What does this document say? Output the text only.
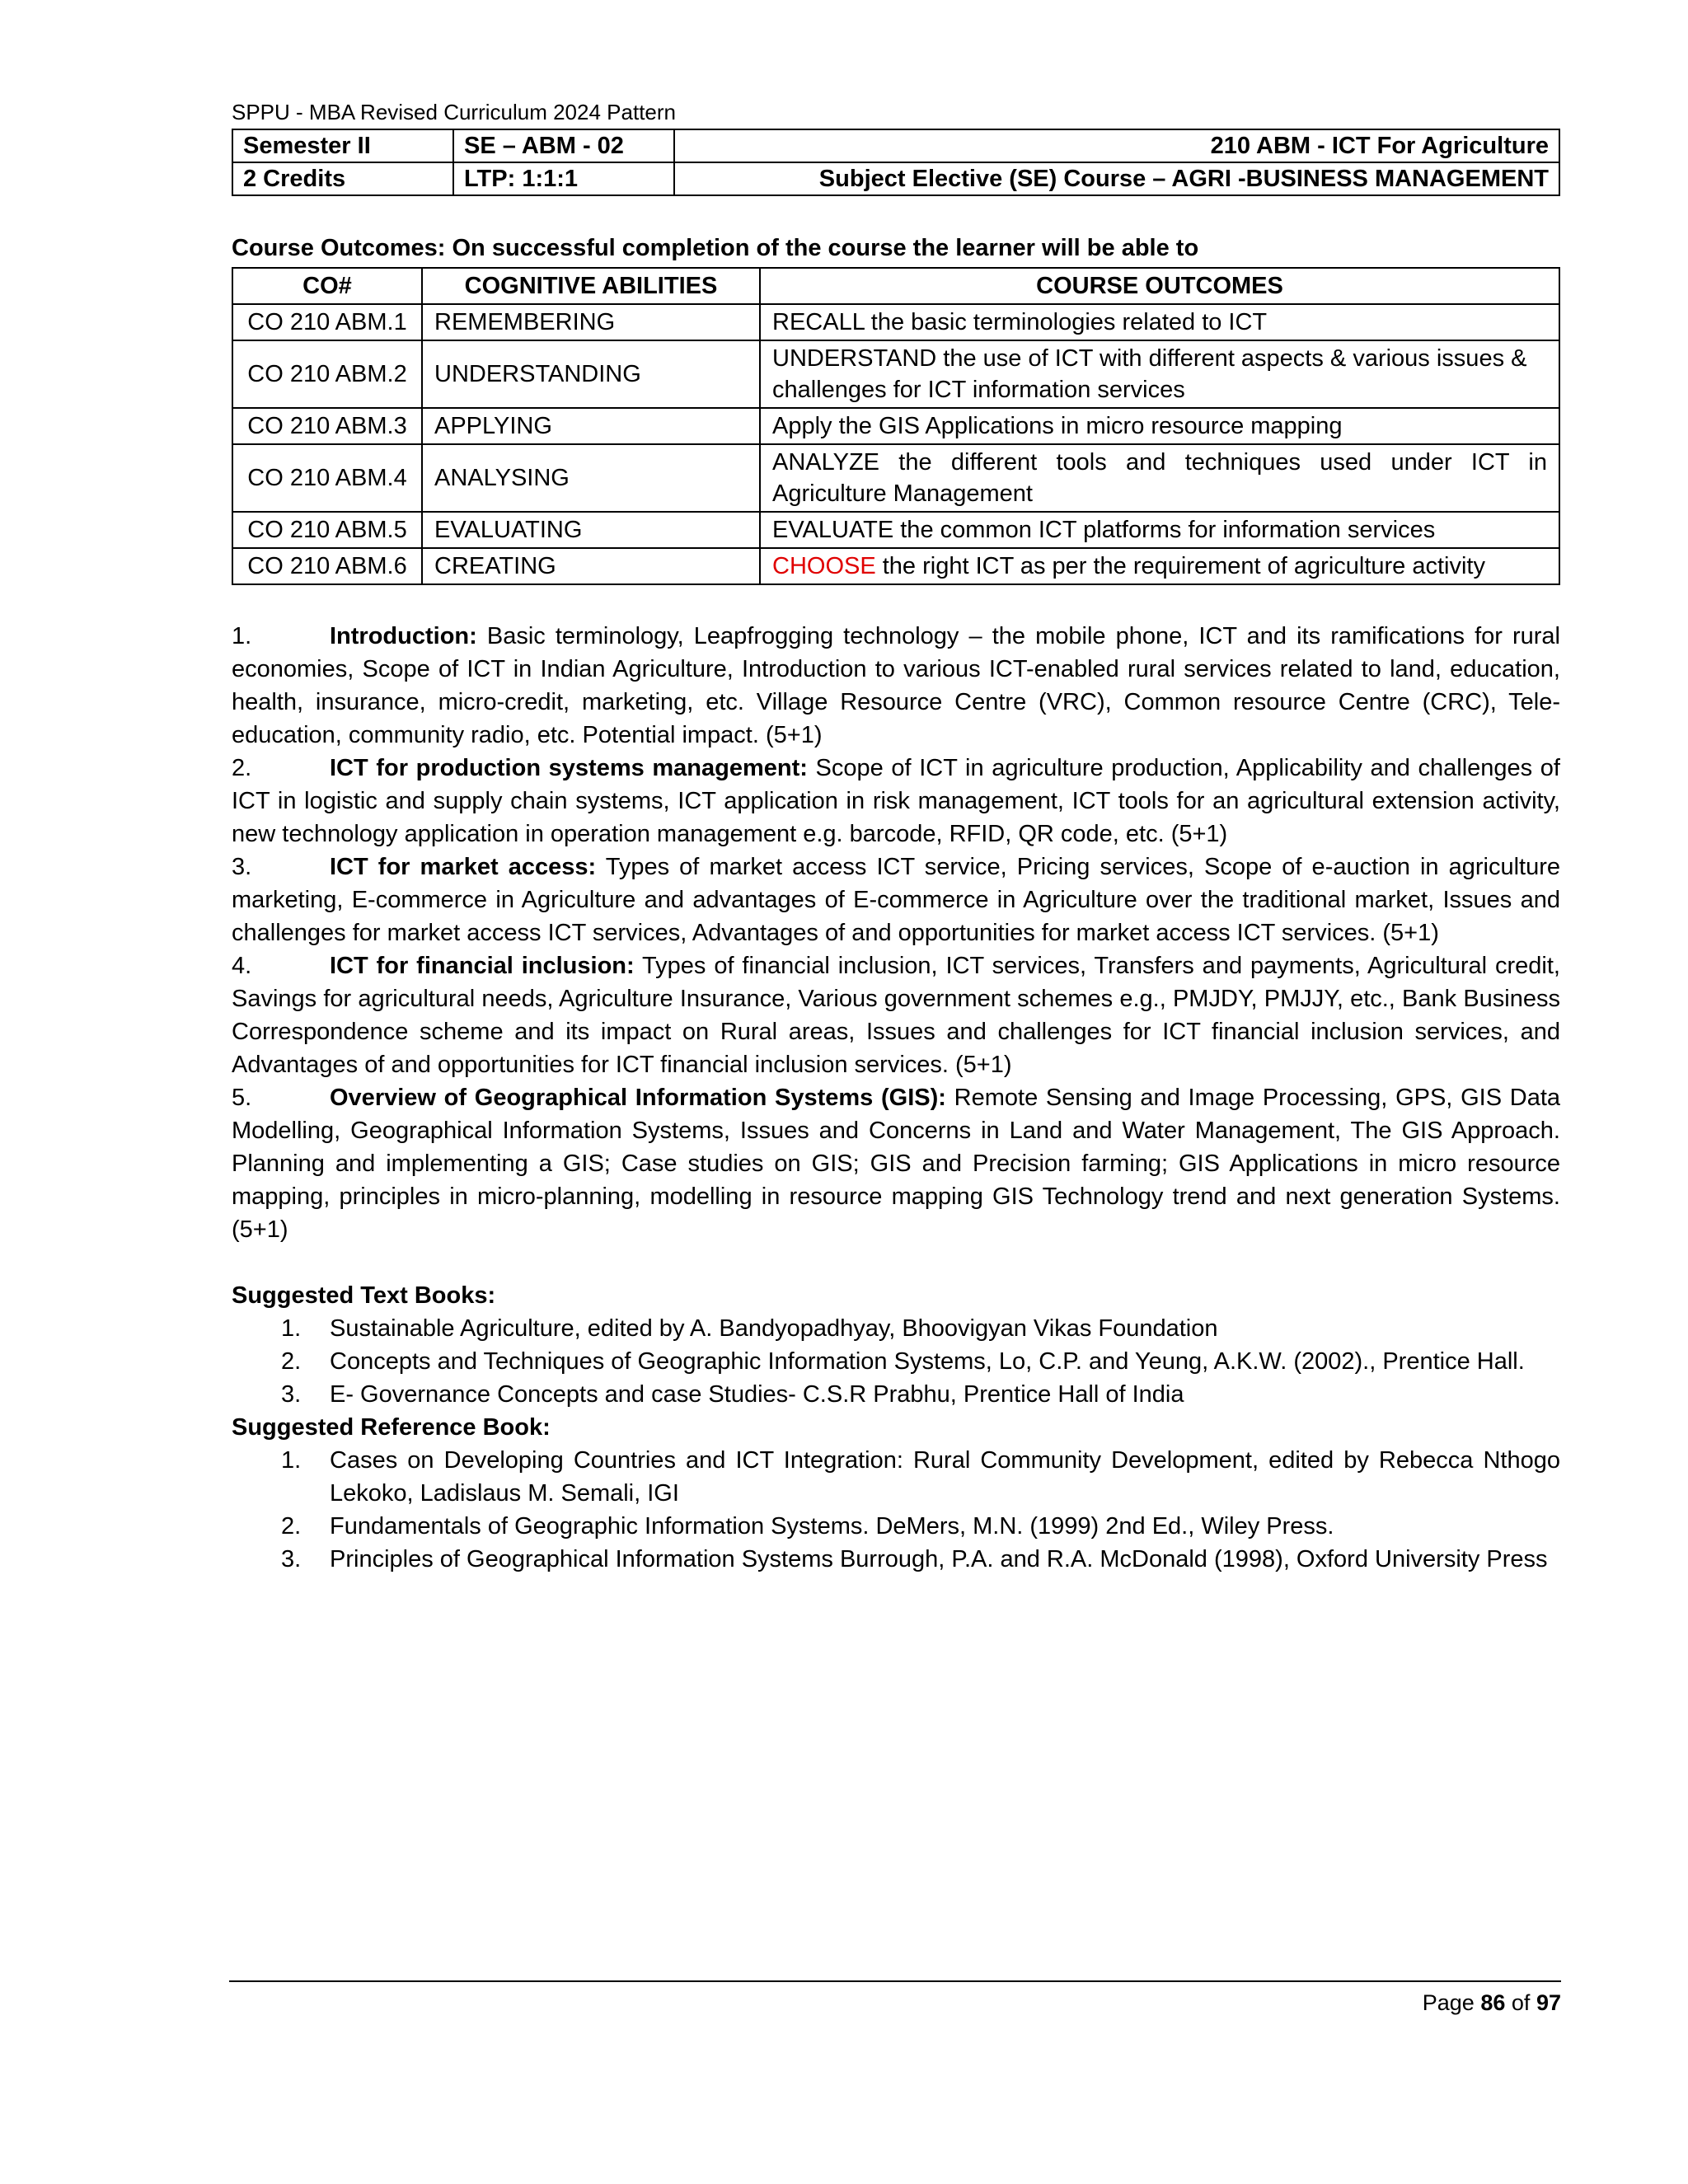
SPPU - MBA Revised Curriculum 2024 Pattern
Semester II	SE – ABM - 02	210 ABM - ICT For Agriculture
2 Credits	LTP: 1:1:1	Subject Elective (SE) Course – AGRI -BUSINESS MANAGEMENT
Course Outcomes: On successful completion of the course the learner will be able to
CO#	COGNITIVE ABILITIES	COURSE OUTCOMES
CO 210 ABM.1	REMEMBERING	RECALL the basic terminologies related to ICT
CO 210 ABM.2	UNDERSTANDING	UNDERSTAND the use of ICT with different aspects & various issues & challenges for ICT information services
CO 210 ABM.3	APPLYING	Apply the GIS Applications in micro resource mapping
CO 210 ABM.4	ANALYSING	ANALYZE the different tools and techniques used under ICT in Agriculture Management
CO 210 ABM.5	EVALUATING	EVALUATE the common ICT platforms for information services
CO 210 ABM.6	CREATING	CHOOSE the right ICT as per the requirement of agriculture activity

1.	Introduction: Basic terminology, Leapfrogging technology – the mobile phone, ICT and its ramifications for rural economies, Scope of ICT in Indian Agriculture, Introduction to various ICT-enabled rural services related to land, education, health, insurance, micro-credit, marketing, etc. Village Resource Centre (VRC), Common resource Centre (CRC), Tele- education, community radio, etc. Potential impact. (5+1)

2.	ICT for production systems management: Scope of ICT in agriculture production, Applicability and challenges of ICT in logistic and supply chain systems, ICT application in risk management, ICT tools for an agricultural extension activity, new technology application in operation management e.g. barcode, RFID, QR code, etc. (5+1)

3.	ICT for market access: Types of market access ICT service, Pricing services, Scope of e-auction in agriculture marketing, E-commerce in Agriculture and advantages of E-commerce in Agriculture over the traditional market, Issues and challenges for market access ICT services, Advantages of and opportunities for market access ICT services. (5+1)

4.	ICT for financial inclusion: Types of financial inclusion, ICT services, Transfers and payments, Agricultural credit, Savings for agricultural needs, Agriculture Insurance, Various government schemes e.g., PMJDY, PMJJY, etc., Bank Business Correspondence scheme and its impact on Rural areas, Issues and challenges for ICT financial inclusion services, and Advantages of and opportunities for ICT financial inclusion services. (5+1)

5.	Overview of Geographical Information Systems (GIS): Remote Sensing and Image Processing, GPS, GIS Data Modelling, Geographical Information Systems, Issues and Concerns in Land and Water Management, The GIS Approach. Planning and implementing a GIS; Case studies on GIS; GIS and Precision farming; GIS Applications in micro resource mapping, principles in micro-planning, modelling in resource mapping GIS Technology trend and next generation Systems. (5+1)

Suggested Text Books:

1.	Sustainable Agriculture, edited by A. Bandyopadhyay, Bhoovigyan Vikas Foundation
2.	Concepts and Techniques of Geographic Information Systems, Lo, C.P. and Yeung, A.K.W. (2002)., Prentice Hall.
3.	E- Governance Concepts and case Studies- C.S.R Prabhu, Prentice Hall of India

Suggested Reference Book:

1.	Cases on Developing Countries and ICT Integration: Rural Community Development, edited by Rebecca Nthogo Lekoko, Ladislaus M. Semali, IGI
2.	Fundamentals of Geographic Information Systems. DeMers, M.N. (1999) 2nd Ed., Wiley Press.
3.	Principles of Geographical Information Systems Burrough, P.A. and R.A. McDonald (1998), Oxford University Press
Page 86 of 97
